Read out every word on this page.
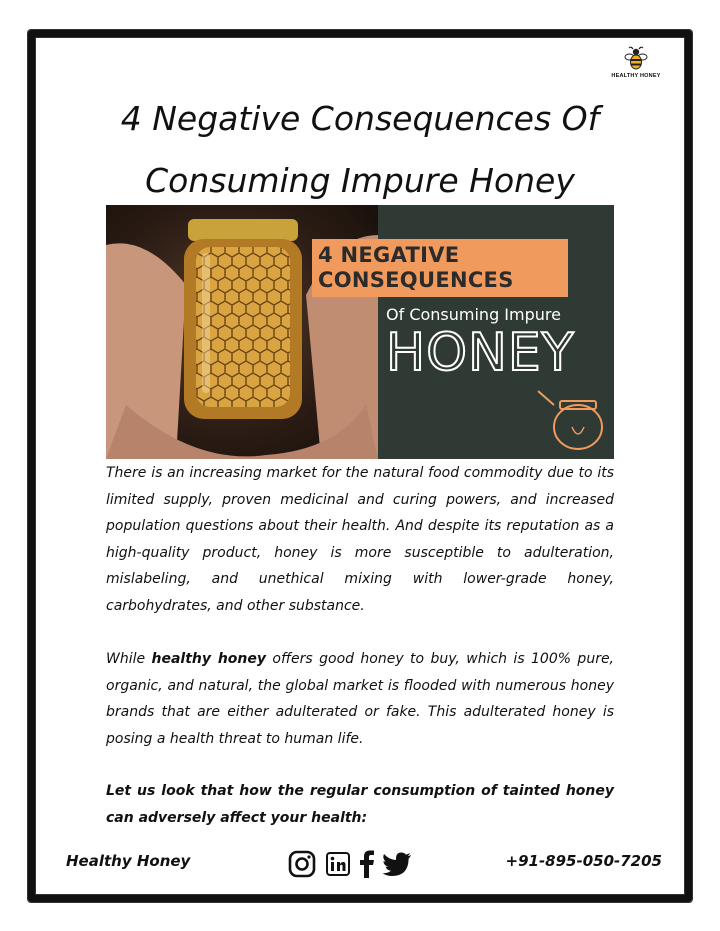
HEALTHY HONEY
4 Negative Consequences Of Consuming Impure Honey
4 NEGATIVE
CONSEQUENCES
Of Consuming Impure
HONEY

There is an increasing market for the natural food commodity due to its limited supply, proven medicinal and curing powers, and increased population questions about their health. And despite its reputation as a high-quality product, honey is more susceptible to adulteration, mislabeling, and unethical mixing with lower-grade honey, carbohydrates, and other substance.

While healthy honey offers good honey to buy, which is 100% pure, organic, and natural, the global market is flooded with numerous honey brands that are either adulterated or fake. This adulterated honey is posing a health threat to human life.

Let us look that how the regular consumption of tainted honey can adversely affect your health:

Healthy Honey	+91-895-050-7205
